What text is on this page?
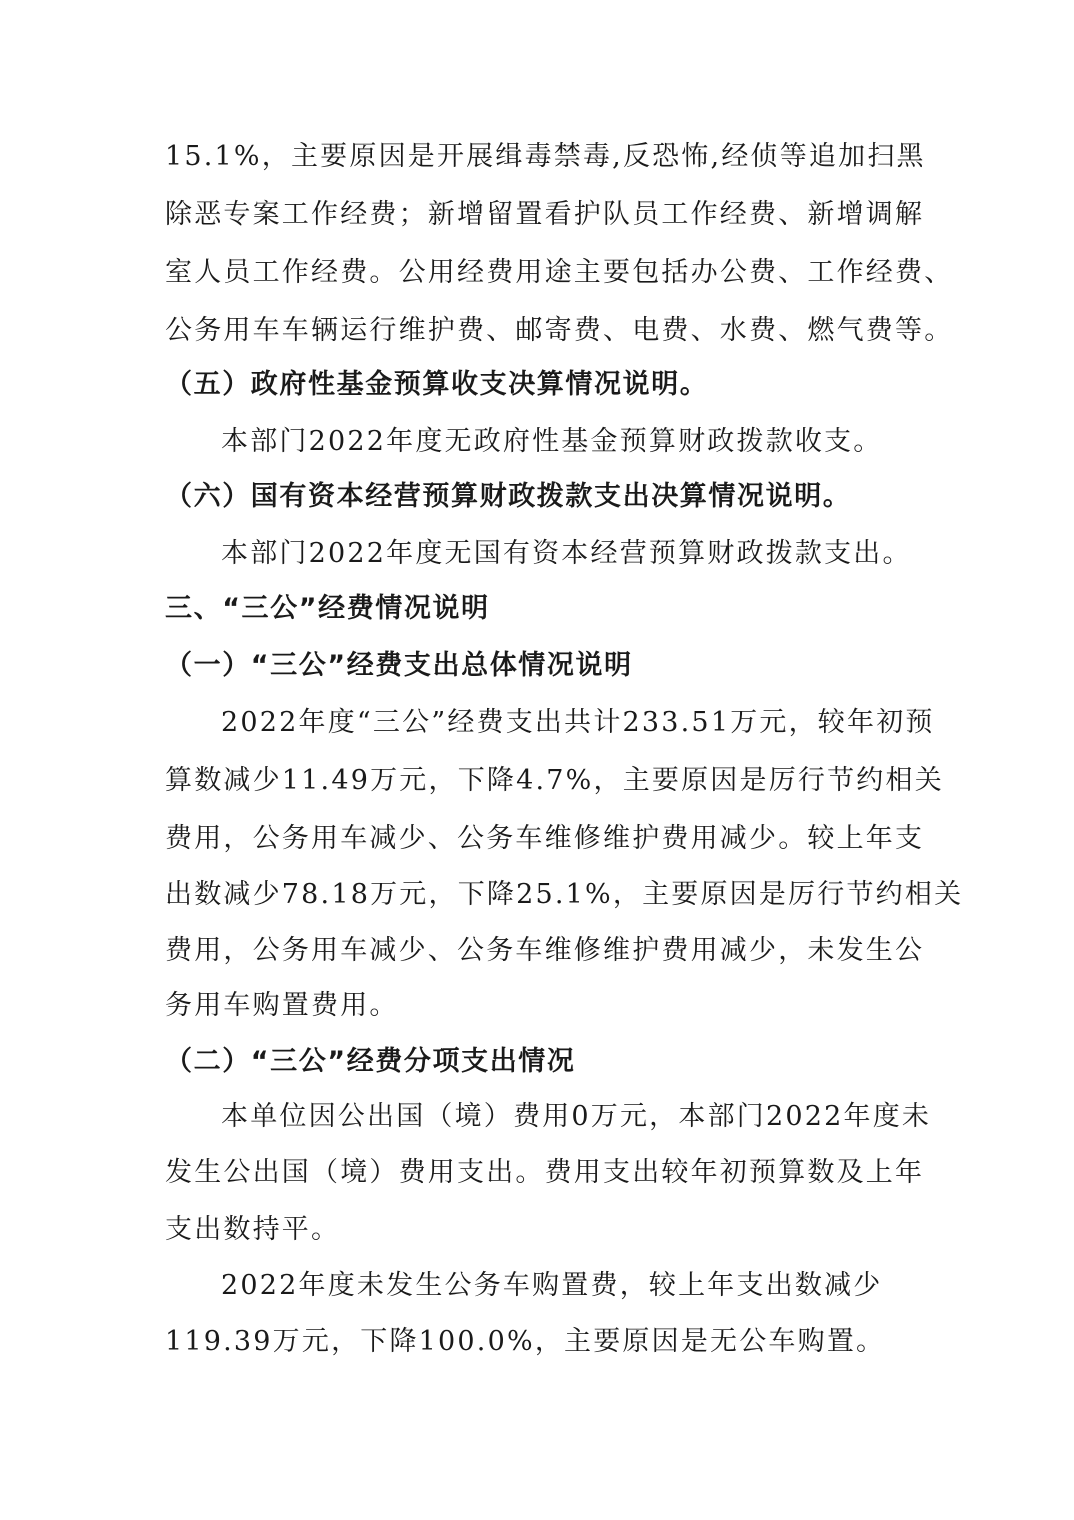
15.1%，主要原因是开展缉毒禁毒,反恐怖,经侦等追加扫黑
除恶专案工作经费；新增留置看护队员工作经费、新增调解
室人员工作经费。公用经费用途主要包括办公费、工作经费、
公务用车车辆运行维护费、邮寄费、电费、水费、燃气费等。
（五）政府性基金预算收支决算情况说明。
本部门2022年度无政府性基金预算财政拨款收支。
（六）国有资本经营预算财政拨款支出决算情况说明。
本部门2022年度无国有资本经营预算财政拨款支出。
三、“三公”经费情况说明
（一）“三公”经费支出总体情况说明
2022年度“三公”经费支出共计233.51万元，较年初预
算数减少11.49万元，下降4.7%，主要原因是厉行节约相关
费用，公务用车减少、公务车维修维护费用减少。较上年支
出数减少78.18万元，下降25.1%，主要原因是厉行节约相关
费用，公务用车减少、公务车维修维护费用减少，未发生公
务用车购置费用。
（二）“三公”经费分项支出情况
本单位因公出国（境）费用0万元，本部门2022年度未
发生公出国（境）费用支出。费用支出较年初预算数及上年
支出数持平。
2022年度未发生公务车购置费，较上年支出数减少
119.39万元，下降100.0%，主要原因是无公车购置。
